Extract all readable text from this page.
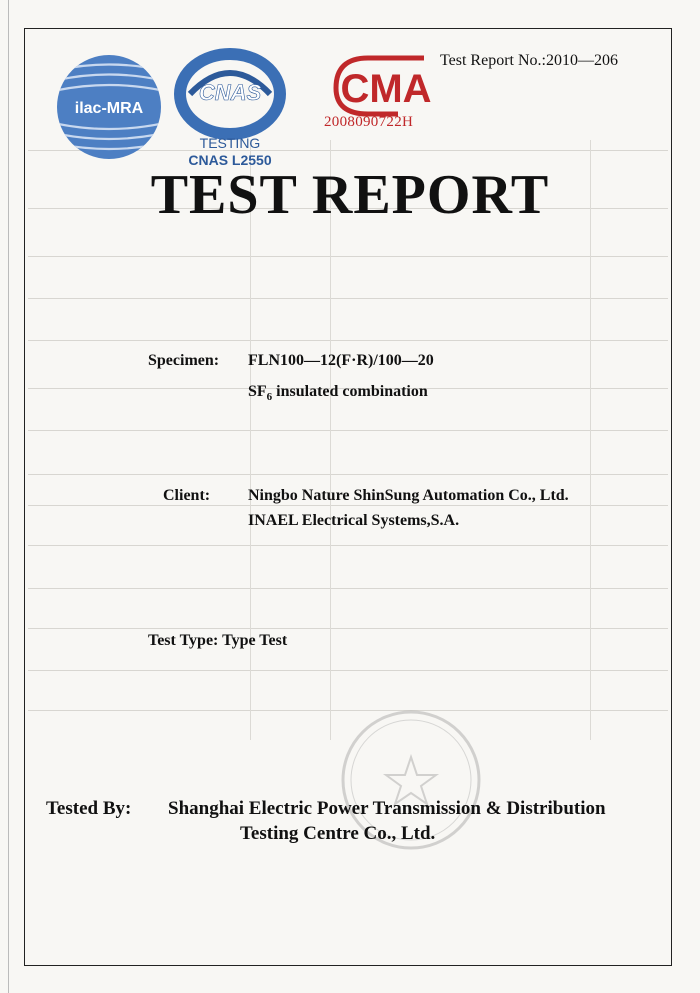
ilac-MRA
CNAS
TESTING
CNAS L2550
CMA
2008090722H
Test Report No.:2010—206
TEST REPORT
Specimen: FLN100—12(F·R)/100—20
$SF_6$ insulated combination
Client: Ningbo Nature ShinSung Automation Co., Ltd.
INAEL Electrical Systems,S.A.
Test Type: Type Test
Tested By: Shanghai Electric Power Transmission & Distribution
Testing Centre Co., Ltd.
